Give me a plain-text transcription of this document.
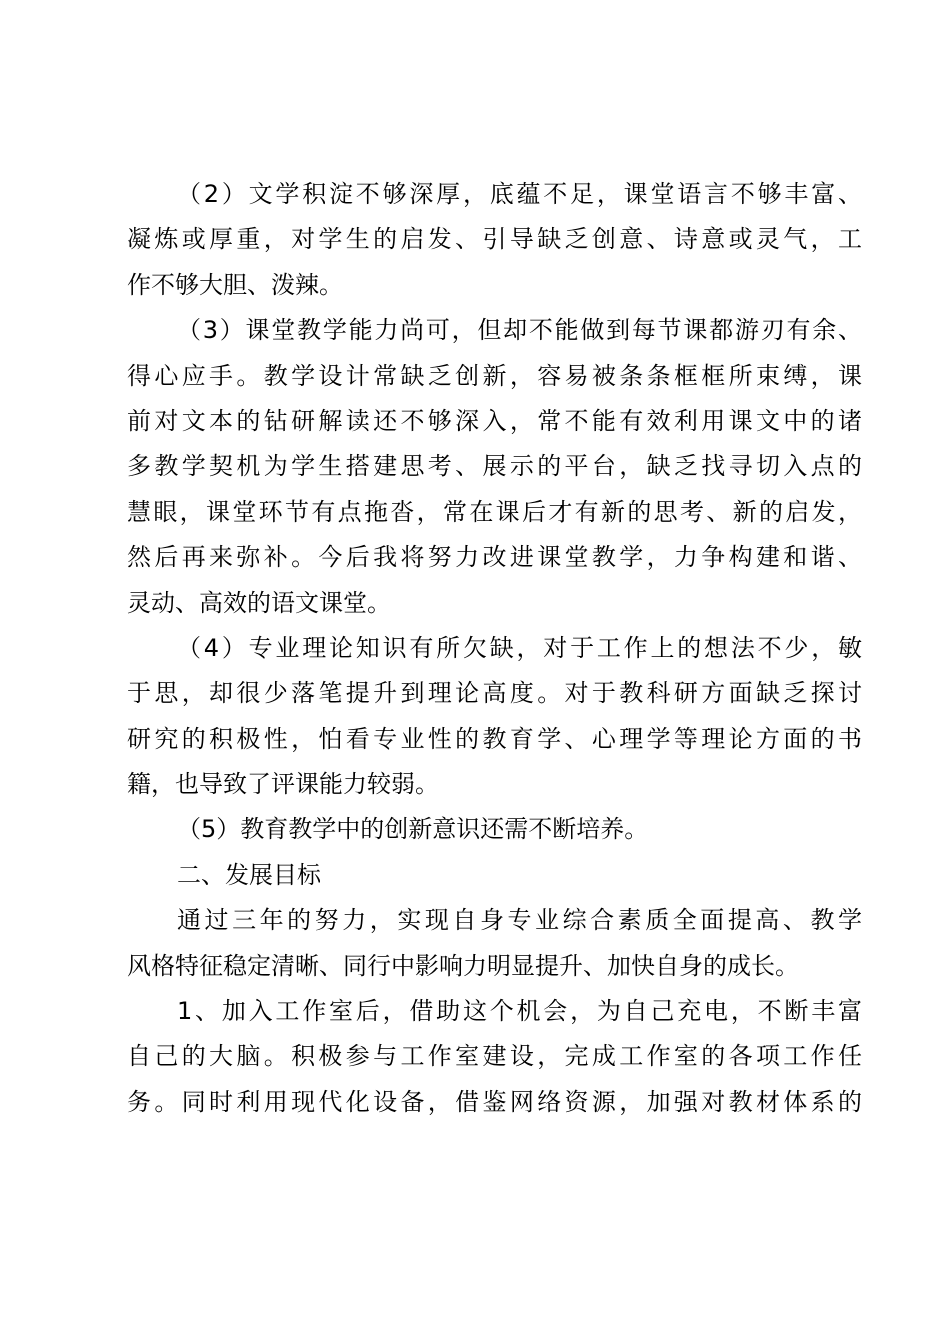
（2）文学积淀不够深厚，底蕴不足，课堂语言不够丰富、
凝炼或厚重，对学生的启发、引导缺乏创意、诗意或灵气，工
作不够大胆、泼辣。
（3）课堂教学能力尚可，但却不能做到每节课都游刃有余、
得心应手。教学设计常缺乏创新，容易被条条框框所束缚，课
前对文本的钻研解读还不够深入，常不能有效利用课文中的诸
多教学契机为学生搭建思考、展示的平台，缺乏找寻切入点的
慧眼，课堂环节有点拖沓，常在课后才有新的思考、新的启发，
然后再来弥补。今后我将努力改进课堂教学，力争构建和谐、
灵动、高效的语文课堂。
（4）专业理论知识有所欠缺，对于工作上的想法不少，敏
于思，却很少落笔提升到理论高度。对于教科研方面缺乏探讨
研究的积极性，怕看专业性的教育学、心理学等理论方面的书
籍，也导致了评课能力较弱。
（5）教育教学中的创新意识还需不断培养。
二、发展目标
通过三年的努力，实现自身专业综合素质全面提高、教学
风格特征稳定清晰、同行中影响力明显提升、加快自身的成长。
1、加入工作室后，借助这个机会，为自己充电，不断丰富
自己的大脑。积极参与工作室建设，完成工作室的各项工作任
务。同时利用现代化设备，借鉴网络资源，加强对教材体系的
